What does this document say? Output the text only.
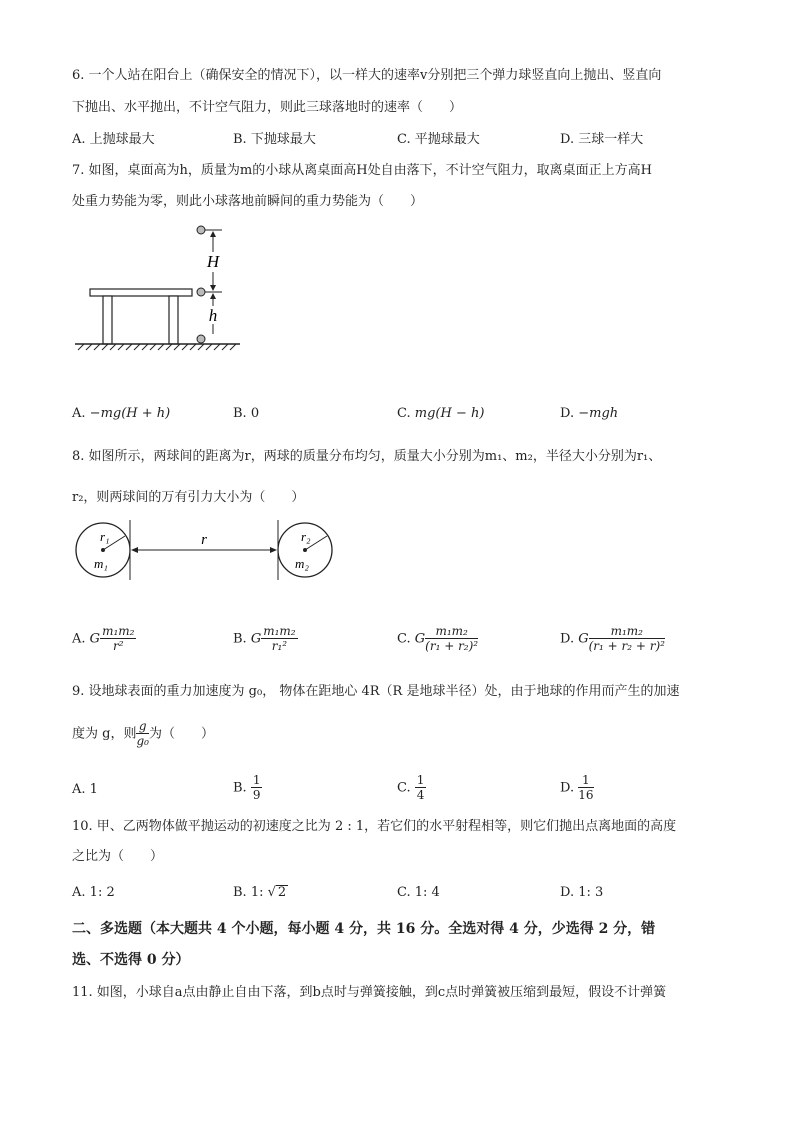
6. 一个人站在阳台上（确保安全的情况下），以一样大的速率v分别把三个弹力球竖直向上抛出、竖直向
下抛出、水平抛出，不计空气阻力，则此三球落地时的速率（　　）
A. 上抛球最大	B. 下抛球最大	C. 平抛球最大	D. 三球一样大
7. 如图，桌面高为h，质量为m的小球从离桌面高H处自由落下，不计空气阻力，取离桌面正上方高H
处重力势能为零，则此小球落地前瞬间的重力势能为（　　）
H
h
A. −mg(H + h)	B. 0	C. mg(H − h)	D. −mgh
8. 如图所示，两球间的距离为r，两球的质量分布均匀，质量大小分别为m₁、m₂，半径大小分别为r₁、
r₂，则两球间的万有引力大小为（　　）
r₁
m₁
r	r₂
m₂
A. G $\frac{\text{m₁m₂}}{\text{r²}}$	B. G $\frac{\text{m₁m₂}}{\text{r₁²}}$	C. G $\frac{\text{m₁m₂}}{\text{(r₁ + r₂)²}}$	D. G $\frac{\text{m₁m₂}}{\text{(r₁ + r₂ + r)²}}$
9. 设地球表面的重力加速度为 g₀， 物体在距地心 4R（R 是地球半径）处，由于地球的作用而产生的加速
度为 g，则 $\frac{g}{\text{g₀}}$ 为（　　）
A. 1	B. $\frac{1}{9}$	C. $\frac{1}{4}$	D. $\frac{1}{16}$
10. 甲、乙两物体做平抛运动的初速度之比为 2 : 1，若它们的水平射程相等，则它们抛出点离地面的高度
之比为（　　）
A. 1: 2	B. 1: √ 2	C. 1: 4	D. 1: 3
二、多选题（本大题共 4 个小题，每小题 4 分，共 16 分。全选对得 4 分，少选得 2 分，错
选、不选得 0 分）
11. 如图，小球自a点由静止自由下落，到b点时与弹簧接触，到c点时弹簧被压缩到最短，假设不计弹簧
